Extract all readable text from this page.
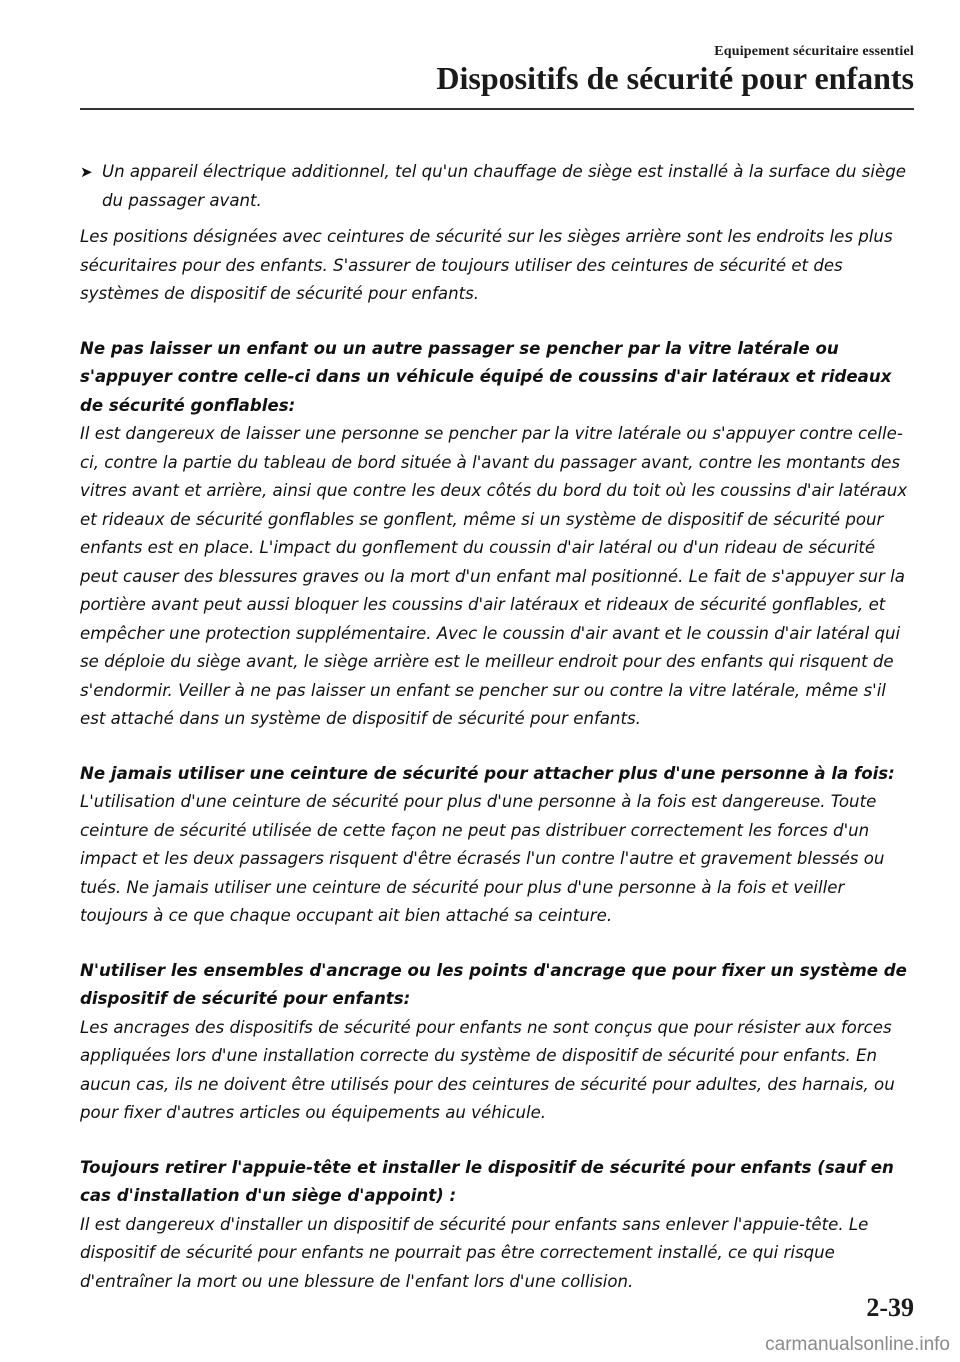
Equipement sécuritaire essentiel
Dispositifs de sécurité pour enfants
➤ Un appareil électrique additionnel, tel qu'un chauffage de siège est installé à la surface du siège du passager avant.

Les positions désignées avec ceintures de sécurité sur les sièges arrière sont les endroits les plus sécuritaires pour des enfants. S'assurer de toujours utiliser des ceintures de sécurité et des systèmes de dispositif de sécurité pour enfants.

Ne pas laisser un enfant ou un autre passager se pencher par la vitre latérale ou s'appuyer contre celle-ci dans un véhicule équipé de coussins d'air latéraux et rideaux de sécurité gonflables:

Il est dangereux de laisser une personne se pencher par la vitre latérale ou s'appuyer contre celle-ci, contre la partie du tableau de bord située à l'avant du passager avant, contre les montants des vitres avant et arrière, ainsi que contre les deux côtés du bord du toit où les coussins d'air latéraux et rideaux de sécurité gonflables se gonflent, même si un système de dispositif de sécurité pour enfants est en place. L'impact du gonflement du coussin d'air latéral ou d'un rideau de sécurité peut causer des blessures graves ou la mort d'un enfant mal positionné. Le fait de s'appuyer sur la portière avant peut aussi bloquer les coussins d'air latéraux et rideaux de sécurité gonflables, et empêcher une protection supplémentaire. Avec le coussin d'air avant et le coussin d'air latéral qui se déploie du siège avant, le siège arrière est le meilleur endroit pour des enfants qui risquent de s'endormir. Veiller à ne pas laisser un enfant se pencher sur ou contre la vitre latérale, même s'il est attaché dans un système de dispositif de sécurité pour enfants.

Ne jamais utiliser une ceinture de sécurité pour attacher plus d'une personne à la fois:

L'utilisation d'une ceinture de sécurité pour plus d'une personne à la fois est dangereuse. Toute ceinture de sécurité utilisée de cette façon ne peut pas distribuer correctement les forces d'un impact et les deux passagers risquent d'être écrasés l'un contre l'autre et gravement blessés ou tués. Ne jamais utiliser une ceinture de sécurité pour plus d'une personne à la fois et veiller toujours à ce que chaque occupant ait bien attaché sa ceinture.

N'utiliser les ensembles d'ancrage ou les points d'ancrage que pour fixer un système de dispositif de sécurité pour enfants:

Les ancrages des dispositifs de sécurité pour enfants ne sont conçus que pour résister aux forces appliquées lors d'une installation correcte du système de dispositif de sécurité pour enfants. En aucun cas, ils ne doivent être utilisés pour des ceintures de sécurité pour adultes, des harnais, ou pour fixer d'autres articles ou équipements au véhicule.

Toujours retirer l'appuie-tête et installer le dispositif de sécurité pour enfants (sauf en cas d'installation d'un siège d'appoint) :

Il est dangereux d'installer un dispositif de sécurité pour enfants sans enlever l'appuie-tête. Le dispositif de sécurité pour enfants ne pourrait pas être correctement installé, ce qui risque d'entraîner la mort ou une blessure de l'enfant lors d'une collision.

2-39
carmanualsonline.info
